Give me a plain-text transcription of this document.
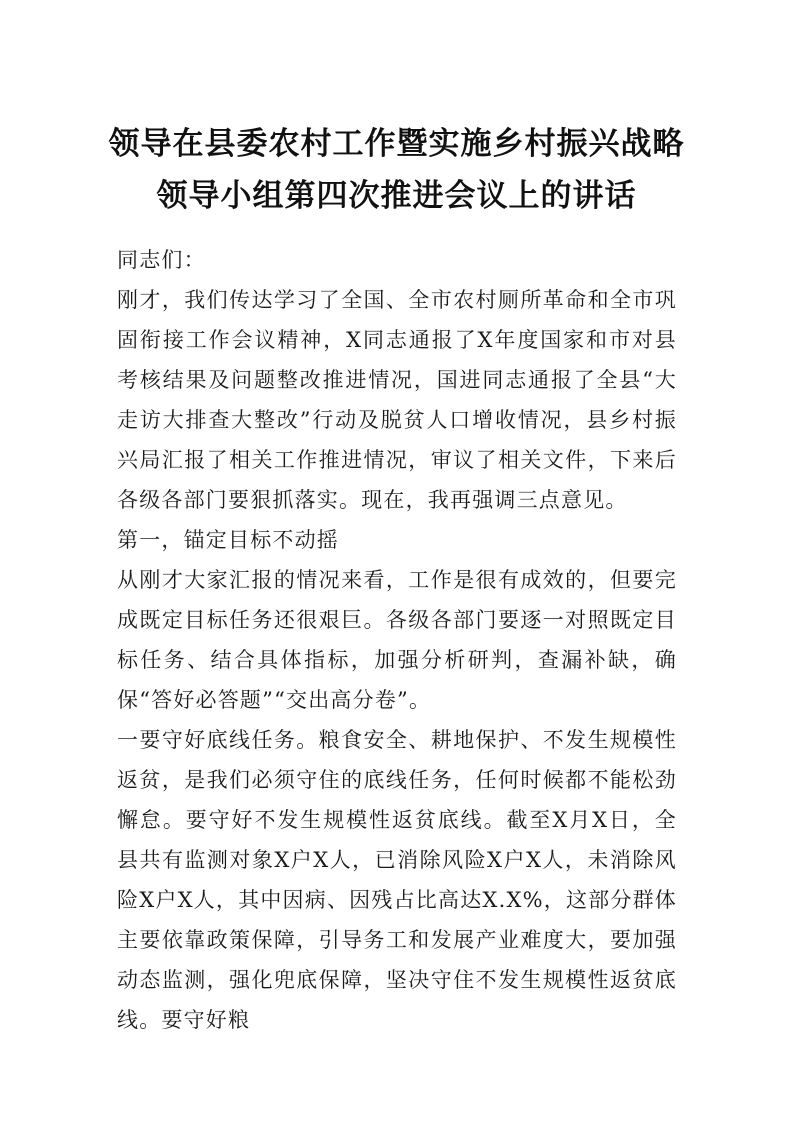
领导在县委农村工作暨实施乡村振兴战略
领导小组第四次推进会议上的讲话

同志们：

刚才，我们传达学习了全国、全市农村厕所革命和全市巩固衔接工作会议精神，X同志通报了X年度国家和市对县考核结果及问题整改推进情况，国进同志通报了全县“大走访大排查大整改”行动及脱贫人口增收情况，县乡村振兴局汇报了相关工作推进情况，审议了相关文件，下来后各级各部门要狠抓落实。现在，我再强调三点意见。

第一，锚定目标不动摇

从刚才大家汇报的情况来看，工作是很有成效的，但要完成既定目标任务还很艰巨。各级各部门要逐一对照既定目标任务、结合具体指标，加强分析研判，查漏补缺，确保“答好必答题”“交出高分卷”。

一要守好底线任务。粮食安全、耕地保护、不发生规模性返贫，是我们必须守住的底线任务，任何时候都不能松劲懈怠。要守好不发生规模性返贫底线。截至X月X日，全县共有监测对象X户X人，已消除风险X户X人，未消除风险X户X人，其中因病、因残占比高达X.X%，这部分群体主要依靠政策保障，引导务工和发展产业难度大，要加强动态监测，强化兜底保障，坚决守住不发生规模性返贫底线。要守好粮
